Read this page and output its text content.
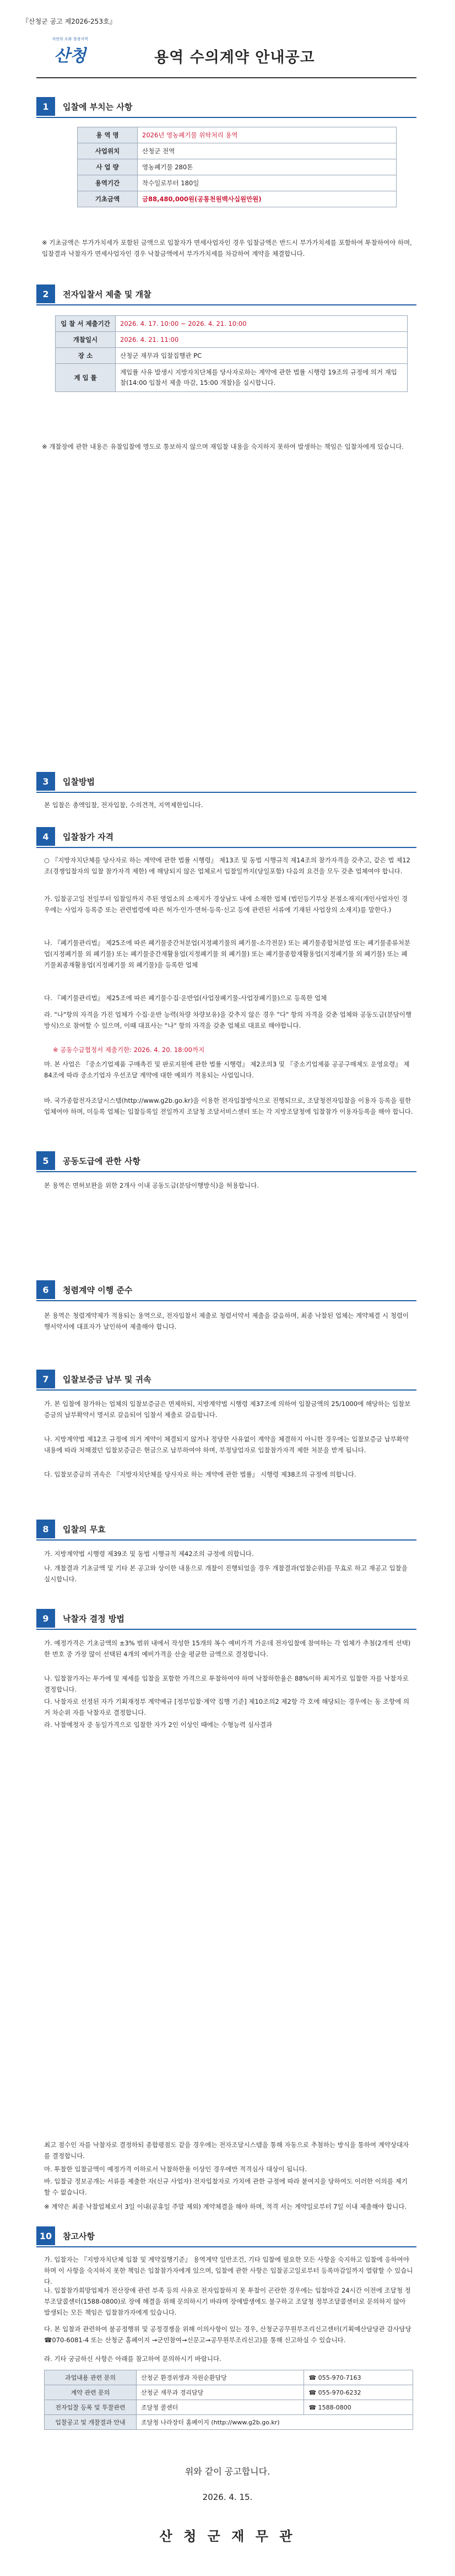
『산청군 공고 제2026-253호』
자연의 조화 청정지역
산청	용역 수의계약 안내공고
1	입찰에 부치는 사항
용 역 명	2026년 영농폐기물 위탁처리 용역
사업위치	산청군 전역
사 업 량	영농폐기물 280톤
용역기간	착수일로부터 180일
기초금액	금88,480,000원(공통천원백사십원만원)
※ 기초금액은 부가가치세가 포함된 금액으로 입찰자가 면세사업자인 경우 입찰금액은 반드시 부가가치세를 포함하여 투찰하여야 하며, 입찰결과 낙찰자가 면세사업자인 경우 낙찰금액에서 부가가치세를 차감하여 계약을 체결합니다.
2	전자입찰서 제출 및 개찰
입 찰 서 제출기간	2026. 4. 17. 10:00 ~ 2026. 4. 21. 10:00
개찰일시	2026. 4. 21. 11:00
장 소	산청군 재무과 입찰집행관 PC
계 입 률	계입률 사유 발생시 지방자치단체를 당사자로하는 계약에 관한 법률 시행령 19조의 규정에 의거 재입찰(14:00 입찰서 제출 마감, 15:00 개찰)을 실시합니다.
※ 개찰장에 관한 내용은 유찰입찰에 명도로 통보하지 않으며 재입찰 내용을 숙지하지 못하여 발생하는 책임은 입찰자에게 있습니다.
3	입찰방법
본 입찰은 총액입찰, 전자입찰, 수의견적, 지역제한입니다.
4	입찰참가 자격
○ 『지방자치단체를 당사자로 하는 계약에 관한 법률 시행령』 제13조 및 동법 시행규칙 제14조의 참가자격을 갖추고, 같은 법 제12조(경쟁입찰자의 입찰 참가자격 제한) 에 해당되지 않은 업체로서 입찰일까지(당일포함) 다음의 요건을 모두 갖춘 업체여야 합니다.
가. 입찰공고일 전일부터 입찰일까지 주된 영업소의 소재지가 경상남도 내에 소재한 업체 (법인등기부상 본점소재지(개인사업자인 경우에는 사업자 등록증 또는 관련법령에 따른 허가·인가·면허·등록·신고 등에 관련된 서류에 기재된 사업장의 소재지)를 말한다.)
나. 『폐기물관리법』 제25조에 따른 폐기물중간처분업(지정폐기물의 폐기물-소각전문) 또는 폐기물종합처분업 또는 폐기물종류처분업(지정폐기물 외 폐기물) 또는 폐기물중간재활용업(지정폐기물 외 폐기물) 또는 폐기물종합재활용업(지정폐기물 외 폐기물) 또는 폐기물최종재활용업(지정폐기물 외 폐기물)을 등록한 업체
다. 『폐기물관리법』 제25조에 따른 폐기물수집·운반업(사업장폐기물-사업장폐기물)으로 등록한 업체
라. "나"항의 자격을 가진 업체가 수집·운반 능력(차량 차량보유)을 갖추지 않은 경우 "다" 항의 자격을 갖춘 업체와 공동도급(분담이행방식)으로 참여할 수 있으며, 이때 대표사는 "나" 항의 자격을 갖춘 업체로 대표로 해야합니다.
※ 공동수급협정서 제출기한: 2026. 4. 20. 18:00까지
마. 본 사업은 『중소기업제품 구매촉진 및 판로지원에 관한 법률 시행령』 제2조의3 및 『중소기업제품 공공구매제도 운영요령』 제84조에 따라 중소기업자 우선조달 계약에 대한 예외가 적용되는 사업입니다.
바. 국가종합전자조달시스템(http://www.g2b.go.kr)을 이용한 전자입찰방식으로 진행되므로, 조달청전자입찰을 이용자 등록을 필한 업체여야 하며, 미등록 업체는 입찰등록일 전일까지 조달청 조달서비스센터 또는 각 지방조달청에 입찰참가 이용자등록을 해야 합니다.
5	공동도급에 관한 사항
본 용역은 면허보완을 위한 2개사 이내 공동도급(분담이행방식)을 허용합니다.
6	청렴계약 이행 준수
본 용역은 청렴계약제가 적용되는 용역으로, 전자입찰서 제출로 청렴서약서 제출을 갈음하며, 최종 낙찰된 업체는 계약체결 시 청렴이행서약서에 대표자가 날인하여 제출해야 합니다.
7	입찰보증금 납부 및 귀속
가. 본 입찰에 참가하는 업체의 입찰보증금은 면제하되, 지방계약법 시행령 제37조에 의하여 입찰금액의 25/1000에 해당하는 입찰보증금의 납부확약서 명서로 갈음되어 입찰서 제출로 갈음합니다.
나. 지방계약법 제12조 규정에 의거 계약이 체결되지 않거나 정당한 사유없이 계약을 체결하지 아니한 경우에는 입찰보증금 납부확약 내용에 따라 처해졌던 입찰보증금은 현금으로 납부하여야 하며, 부정당업자로 입찰참가자격 제한 처분을 받게 됩니다.
다. 입찰보증금의 귀속은 『지방자치단체를 당사자로 하는 계약에 관한 법률』 시행령 제38조의 규정에 의합니다.
8	입찰의 무효
가. 지방계약법 시행령 제39조 및 동법 시행규칙 제42조의 규정에 의합니다.
나. 개찰결과 기초금액 및 기타 본 공고와 상이한 내용으로 개찰이 진행되었을 경우 개찰결과(업찰순위)를 무효로 하고 재공고 입찰을 실시합니다.
9	낙찰자 결정 방법
가. 예정가격은 기초금액의 ±3% 범위 내에서 작성한 15개의 복수 예비가격 가운데 전자입찰에 참여하는 각 업체가 추첨(2개씩 선택)한 번호 중 가장 많이 선택된 4개의 예비가격을 산술 평균한 금액으로 결정합니다.
나. 입찰참가자는 투가에 및 제세를 입찰을 포함한 가격으로 투찰하여야 하며 낙찰하한율은 88%이하 최저가로 입찰한 자를 낙찰자로 결정합니다.
다. 낙찰자로 선정된 자가 기획재정부 계약예규 [정부입찰·계약 집행 기준] 제10조의2 제2항 각 호에 해당되는 경우에는 동 조항에 의거 차순위 자를 낙찰자로 결정합니다.
라. 낙찰예정자 중 동일가격으로 입찰한 자가 2인 이상인 때에는 수형능력 심사결과
최고 점수인 자를 낙찰자로 결정하되 종합평점도 같을 경우에는 전자조달시스템을 통해 자동으로 추첨하는 방식을 통하여 계약상대자를 결정합니다.
마. 투찰한 입찰금액이 예정가격 이하로서 낙찰하한율 이상인 경우에만 적격심사 대상이 됩니다.
바. 입찰금 정보공개는 서류를 제출한 자(신규 사업자) 전자입찰자로 가치에 관한 규정에 따라 붙여지을 당하여도 이러한 이의를 제기할 수 없습니다.
※ 계약은 최종 낙찰업체로서 3일 이내(공휴일 주말 제외) 계약체결을 해야 하며, 적격 서는 계약일로부터 7일 이내 제출해야 합니다.
10	참고사항
가. 입찰자는 『지방자치단체 입찰 및 계약집행기준』 용역계약 일반조건, 기타 입찰에 필요한 모든 사항을 숙지하고 입찰에 응하여야 하며 이 사항을 숙지하지 못한 책임은 입찰참가자에게 있으며, 입찰에 관한 사항은 입찰공고일로부터 등록마감일까지 열람할 수 있습니다.
나. 입찰참가희망업체가 전산장애 관련 부족 등의 사유로 전자입찰하지 못 투찰이 곤란한 경우에는 입찰마감 24시간 이전에 조달청 정부조달콜센터(1588-0800)로 장애 해결을 위해 문의하시기 바라며 장애발생에도 불구하고 조달청 정부조달콜센터로 문의하지 않아 발생되는 모든 책임은 입찰참가자에게 있습니다.
다. 본 입찰과 관련하여 불공정행위 및 공정경쟁을 위해 이의사항이 있는 경우, 산청군공무원부조리신고센터(기획예산담당관 감사담당 ☎070-6081-4 또는 산청군 홈페이지 →군민참여→신문고→공무원부조리신고)를 통해 신고하실 수 있습니다.
라. 기타 궁금하신 사항은 아래를 참고하여 문의하시기 바랍니다.
과업내용 관련 문의	산청군 환경위생과 자원순환담당	☎ 055-970-7163
계약 관련 문의	산청군 재무과 경리담당	☎ 055-970-6232
전자입찰 등록 및 투찰관련	조달청 콜센터	☎ 1588-0800
입찰공고 및 개찰결과 안내	조달청 나라장터 홈페이지 (http://www.g2b.go.kr)	
위와 같이 공고합니다.
2026. 4. 15.
산 청 군 재 무 관
